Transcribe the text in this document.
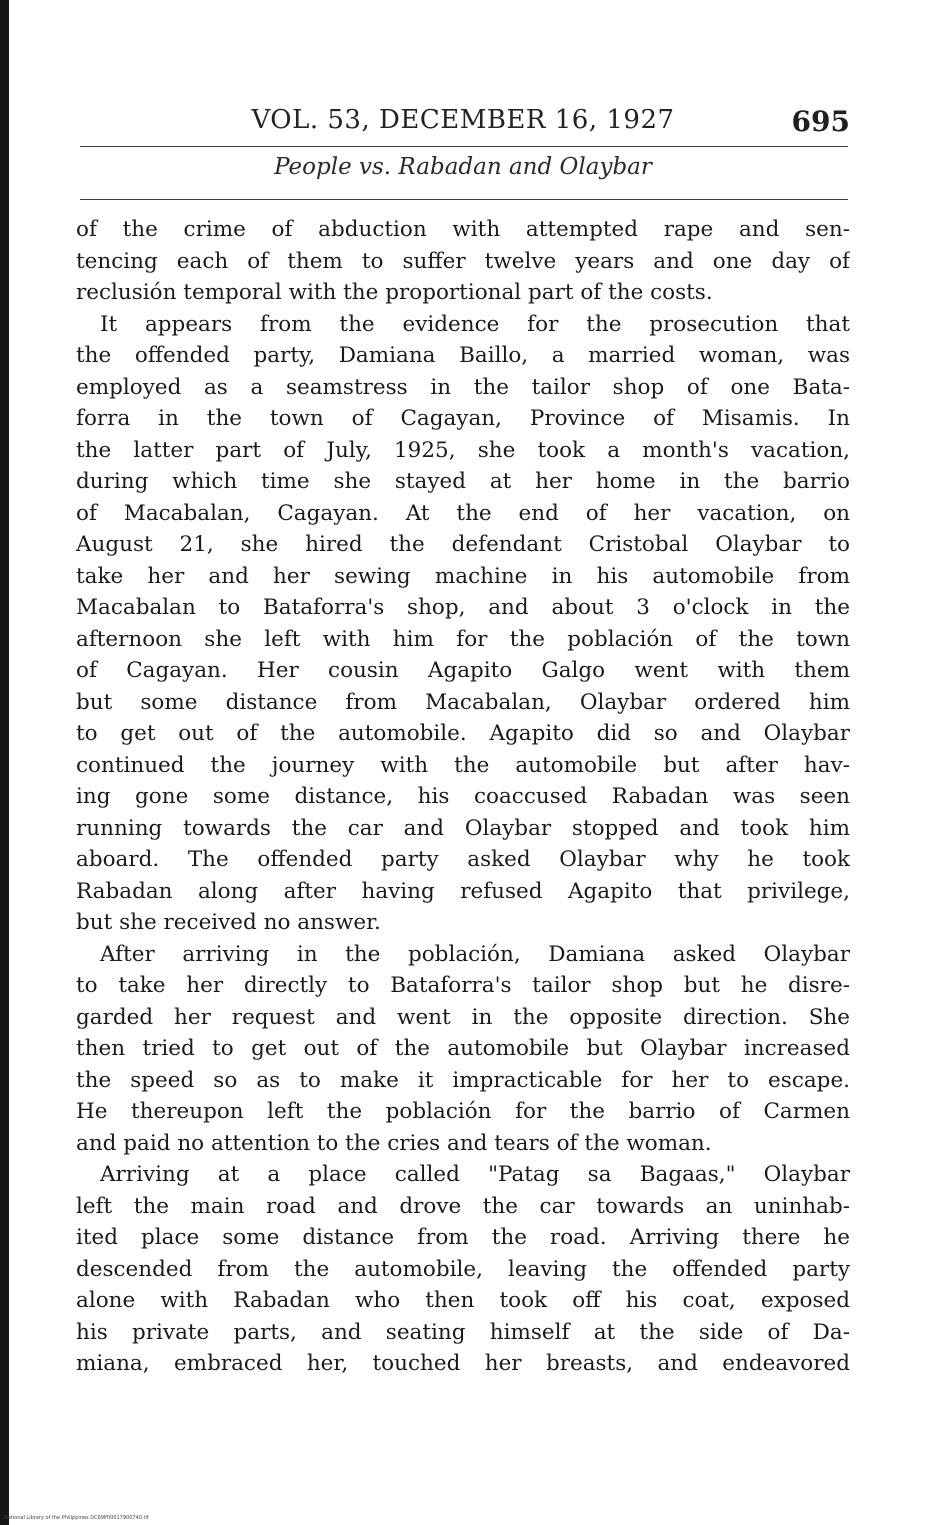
VOL. 53, DECEMBER 16, 1927	695
People vs. Rabadan and Olaybar
of the crime of abduction with attempted rape and sen-
tencing each of them to suffer twelve years and one day of
reclusión temporal with the proportional part of the costs.
It appears from the evidence for the prosecution that
the offended party, Damiana Baillo, a married woman, was
employed as a seamstress in the tailor shop of one Bata-
forra in the town of Cagayan, Province of Misamis. In
the latter part of July, 1925, she took a month's vacation,
during which time she stayed at her home in the barrio
of Macabalan, Cagayan. At the end of her vacation, on
August 21, she hired the defendant Cristobal Olaybar to
take her and her sewing machine in his automobile from
Macabalan to Bataforra's shop, and about 3 o'clock in the
afternoon she left with him for the población of the town
of Cagayan. Her cousin Agapito Galgo went with them
but some distance from Macabalan, Olaybar ordered him
to get out of the automobile. Agapito did so and Olaybar
continued the journey with the automobile but after hav-
ing gone some distance, his coaccused Rabadan was seen
running towards the car and Olaybar stopped and took him
aboard. The offended party asked Olaybar why he took
Rabadan along after having refused Agapito that privilege,
but she received no answer.
After arriving in the población, Damiana asked Olaybar
to take her directly to Bataforra's tailor shop but he disre-
garded her request and went in the opposite direction. She
then tried to get out of the automobile but Olaybar increased
the speed so as to make it impracticable for her to escape.
He thereupon left the población for the barrio of Carmen
and paid no attention to the cries and tears of the woman.
Arriving at a place called "Patag sa Bagaas," Olaybar
left the main road and drove the car towards an uninhab-
ited place some distance from the road. Arriving there he
descended from the automobile, leaving the offended party
alone with Rabadan who then took off his coat, exposed
his private parts, and seating himself at the side of Da-
miana, embraced her, touched her breasts, and endeavored
National Library of the Philippines DC69P00017900740.tif
